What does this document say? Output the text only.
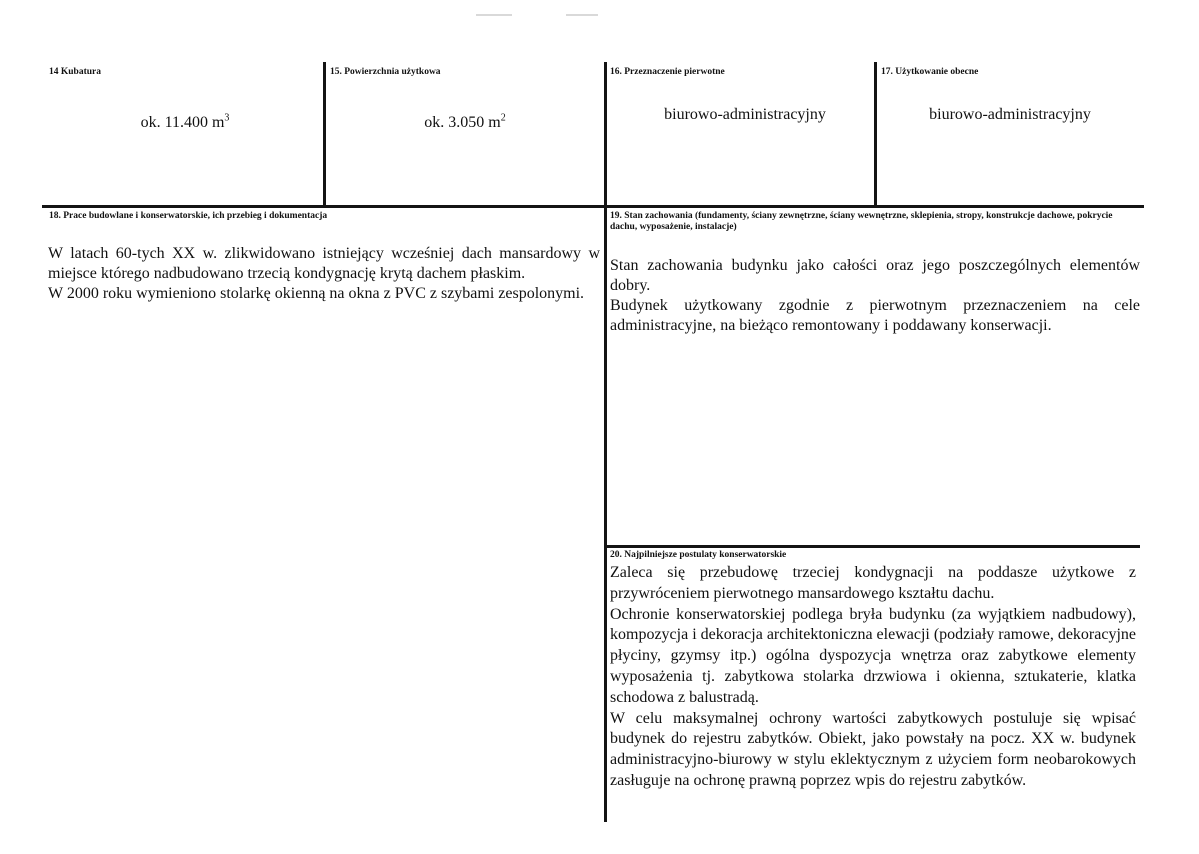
14 Kubatura
ok. 11.400 $m^3$
15. Powierzchnia użytkowa
ok. 3.050 $m^2$
16. Przeznaczenie pierwotne
biurowo-administracyjny
17. Użytkowanie obecne
biurowo-administracyjny
18. Prace budowlane i konserwatorskie, ich przebieg i dokumentacja

W latach 60-tych XX w. zlikwidowano istniejący wcześniej dach mansardowy w miejsce którego nadbudowano trzecią kondygnację krytą dachem płaskim.

W 2000 roku wymieniono stolarkę okienną na okna z PVC z szybami zespolonymi.

19. Stan zachowania (fundamenty, ściany zewnętrzne, ściany wewnętrzne, sklepienia, stropy, konstrukcje dachowe, pokrycie dachu, wyposażenie, instalacje)

Stan zachowania budynku jako całości oraz jego poszczególnych elementów dobry.

Budynek użytkowany zgodnie z pierwotnym przeznaczeniem na cele administracyjne, na bieżąco remontowany i poddawany konserwacji.

20. Najpilniejsze postulaty konserwatorskie

Zaleca się przebudowę trzeciej kondygnacji na poddasze użytkowe z przywróceniem pierwotnego mansardowego kształtu dachu.

Ochronie konserwatorskiej podlega bryła budynku (za wyjątkiem nadbudowy), kompozycja i dekoracja architektoniczna elewacji (podziały ramowe, dekoracyjne płyciny, gzymsy itp.) ogólna dyspozycja wnętrza oraz zabytkowe elementy wyposażenia tj. zabytkowa stolarka drzwiowa i okienna, sztukaterie, klatka schodowa z balustradą.

W celu maksymalnej ochrony wartości zabytkowych postuluje się wpisać budynek do rejestru zabytków. Obiekt, jako powstały na pocz. XX w. budynek administracyjno-biurowy w stylu eklektycznym z użyciem form neobarokowych zasługuje na ochronę prawną poprzez wpis do rejestru zabytków.
